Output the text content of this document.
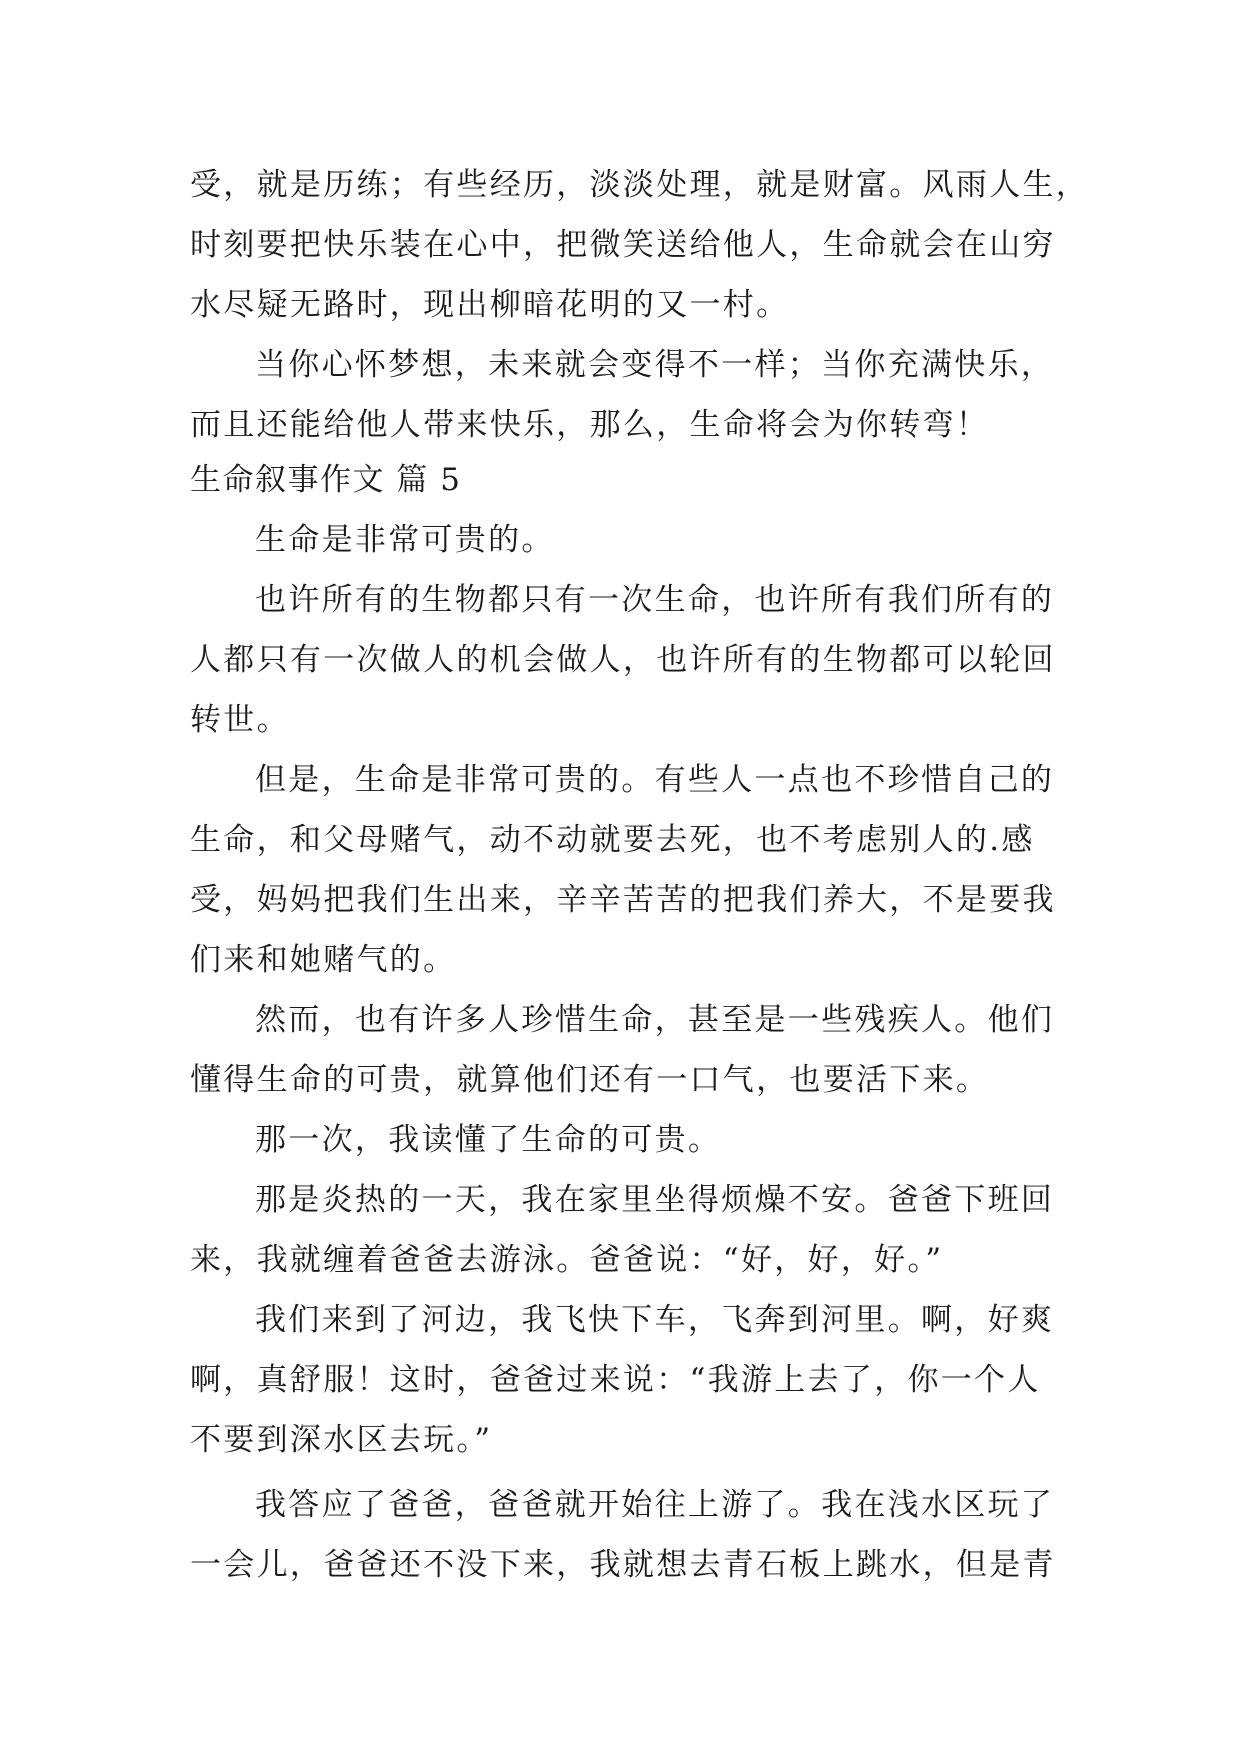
受，就是历练；有些经历，淡淡处理，就是财富。风雨人生，
时刻要把快乐装在心中，把微笑送给他人，生命就会在山穷
水尽疑无路时，现出柳暗花明的又一村。
当你心怀梦想，未来就会变得不一样；当你充满快乐，
而且还能给他人带来快乐，那么，生命将会为你转弯！
生命叙事作文 篇 5
生命是非常可贵的。
也许所有的生物都只有一次生命，也许所有我们所有的
人都只有一次做人的机会做人，也许所有的生物都可以轮回
转世。
但是，生命是非常可贵的。有些人一点也不珍惜自己的
生命，和父母赌气，动不动就要去死，也不考虑别人的.感
受，妈妈把我们生出来，辛辛苦苦的把我们养大，不是要我
们来和她赌气的。
然而，也有许多人珍惜生命，甚至是一些残疾人。他们
懂得生命的可贵，就算他们还有一口气，也要活下来。
那一次，我读懂了生命的可贵。
那是炎热的一天，我在家里坐得烦燥不安。爸爸下班回
来，我就缠着爸爸去游泳。爸爸说：“好，好，好。”
我们来到了河边，我飞快下车，飞奔到河里。啊，好爽
啊，真舒服！这时，爸爸过来说：“我游上去了，你一个人
不要到深水区去玩。”
我答应了爸爸，爸爸就开始往上游了。我在浅水区玩了
一会儿，爸爸还不没下来，我就想去青石板上跳水，但是青
